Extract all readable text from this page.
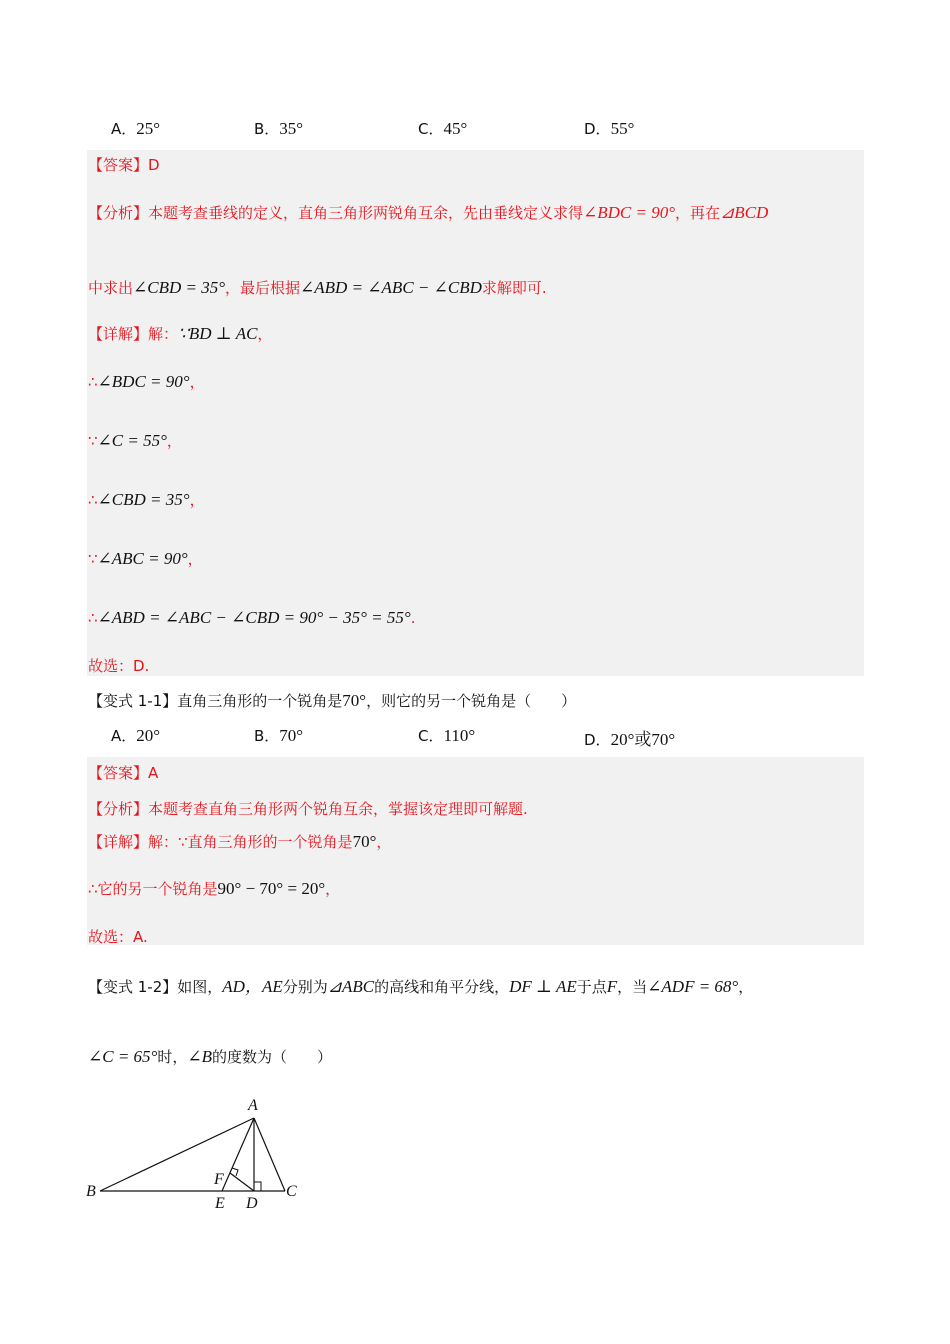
A．25°	B．35°	C．45°	D．55°
【答案】D
【分析】本题考查垂线的定义，直角三角形两锐角互余，先由垂线定义求得∠BDC = 90°，再在⊿BCD
中求出∠CBD = 35°，最后根据∠ABD = ∠ABC − ∠CBD求解即可.
【详解】解：∵BD ⊥ AC，
∴∠BDC = 90°，
∵∠C = 55°，
∴∠CBD = 35°，
∵∠ABC = 90°，
∴∠ABD = ∠ABC − ∠CBD = 90° − 35° = 55°.
故选：D.
【变式 1-1】直角三角形的一个锐角是70°，则它的另一个锐角是（　　）
A．20°	B．70°	C．110°	D．20°或70°
【答案】A
【分析】本题考查直角三角形两个锐角互余，掌握该定理即可解题.
【详解】解：∵直角三角形的一个锐角是70°，
∴它的另一个锐角是90° − 70° = 20°，
故选：A.
【变式 1-2】如图，AD，AE分别为⊿ABC的高线和角平分线，DF ⊥ AE于点F，当∠ADF = 68°，
∠C = 65°时，∠B的度数为（　　）
A
B	C
D
E
F
